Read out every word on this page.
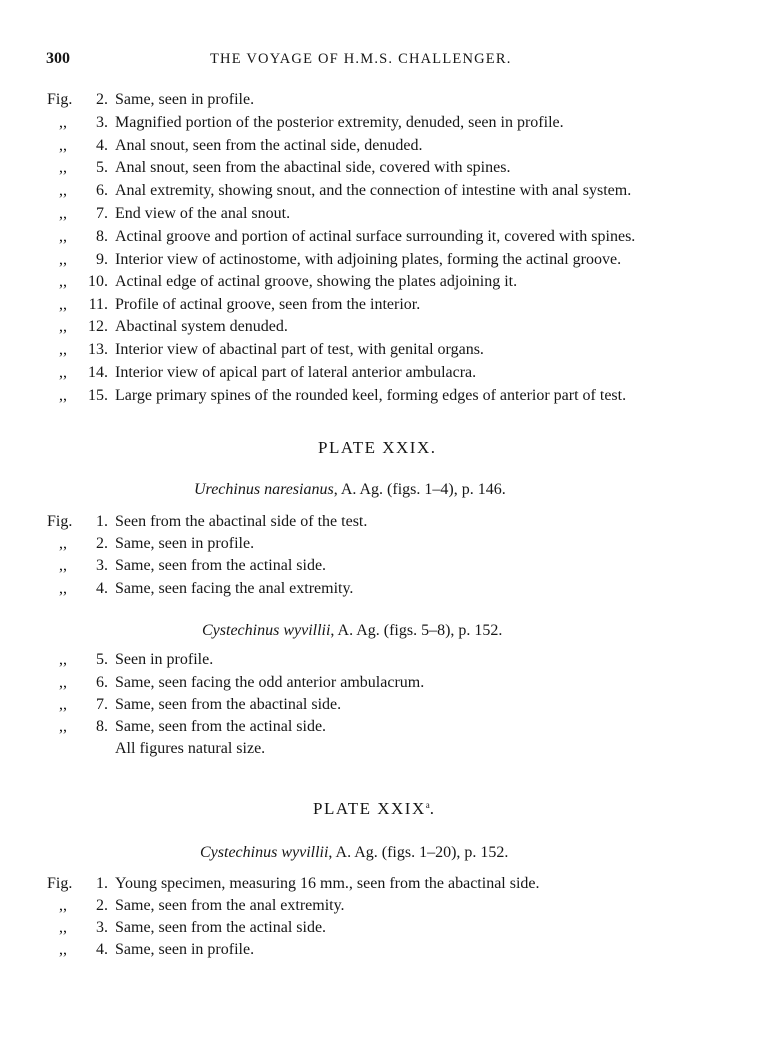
300	THE VOYAGE OF H.M.S. CHALLENGER.
Fig.	2. Same, seen in profile.
,,	3. Magnified portion of the posterior extremity, denuded, seen in profile.
,,	4. Anal snout, seen from the actinal side, denuded.
,,	5. Anal snout, seen from the abactinal side, covered with spines.
,,	6. Anal extremity, showing snout, and the connection of intestine with anal system.
,,	7. End view of the anal snout.
,,	8. Actinal groove and portion of actinal surface surrounding it, covered with spines.
,,	9. Interior view of actinostome, with adjoining plates, forming the actinal groove.
,,	10. Actinal edge of actinal groove, showing the plates adjoining it.
,,	11. Profile of actinal groove, seen from the interior.
,,	12. Abactinal system denuded.
,,	13. Interior view of abactinal part of test, with genital organs.
,,	14. Interior view of apical part of lateral anterior ambulacra.
,,	15. Large primary spines of the rounded keel, forming edges of anterior part of test.
PLATE XXIX.
Urechinus naresianus, A. Ag. (figs. 1–4), p. 146.
Fig.	1. Seen from the abactinal side of the test.
,,	2. Same, seen in profile.
,,	3. Same, seen from the actinal side.
,,	4. Same, seen facing the anal extremity.
Cystechinus wyvillii, A. Ag. (figs. 5–8), p. 152.
,,	5. Seen in profile.
,,	6. Same, seen facing the odd anterior ambulacrum.
,,	7. Same, seen from the abactinal side.
,,	8. Same, seen from the actinal side.
All figures natural size.
PLATE XXIX$^a$.
Cystechinus wyvillii, A. Ag. (figs. 1–20), p. 152.
Fig.	1. Young specimen, measuring 16 mm., seen from the abactinal side.
,,	2. Same, seen from the anal extremity.
,,	3. Same, seen from the actinal side.
,,	4. Same, seen in profile.
